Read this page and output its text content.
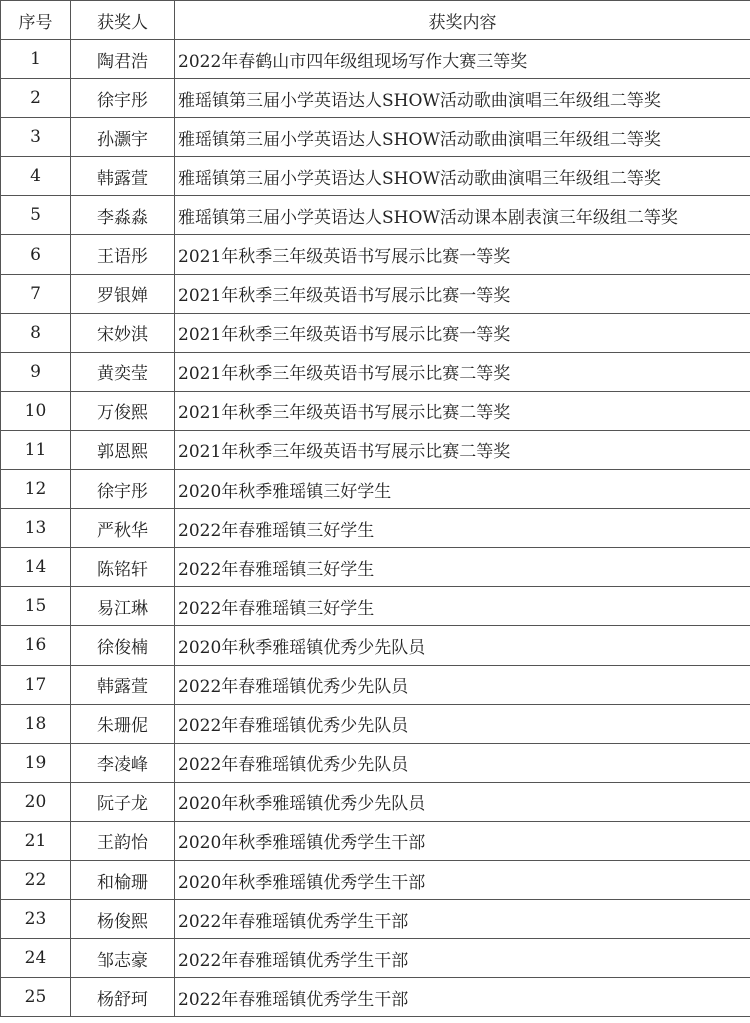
序号	获奖人	获奖内容
1	陶君浩	2022年春鹤山市四年级组现场写作大赛三等奖
2	徐宇彤	雅瑶镇第三届小学英语达人SHOW活动歌曲演唱三年级组二等奖
3	孙灏宇	雅瑶镇第三届小学英语达人SHOW活动歌曲演唱三年级组二等奖
4	韩露萱	雅瑶镇第三届小学英语达人SHOW活动歌曲演唱三年级组二等奖
5	李淼淼	雅瑶镇第三届小学英语达人SHOW活动课本剧表演三年级组二等奖
6	王语彤	2021年秋季三年级英语书写展示比赛一等奖
7	罗银婵	2021年秋季三年级英语书写展示比赛一等奖
8	宋妙淇	2021年秋季三年级英语书写展示比赛一等奖
9	黄奕莹	2021年秋季三年级英语书写展示比赛二等奖
10	万俊熙	2021年秋季三年级英语书写展示比赛二等奖
11	郭恩熙	2021年秋季三年级英语书写展示比赛二等奖
12	徐宇彤	2020年秋季雅瑶镇三好学生
13	严秋华	2022年春雅瑶镇三好学生
14	陈铭轩	2022年春雅瑶镇三好学生
15	易江琳	2022年春雅瑶镇三好学生
16	徐俊楠	2020年秋季雅瑶镇优秀少先队员
17	韩露萱	2022年春雅瑶镇优秀少先队员
18	朱珊伲	2022年春雅瑶镇优秀少先队员
19	李凌峰	2022年春雅瑶镇优秀少先队员
20	阮子龙	2020年秋季雅瑶镇优秀少先队员
21	王韵怡	2020年秋季雅瑶镇优秀学生干部
22	和榆珊	2020年秋季雅瑶镇优秀学生干部
23	杨俊熙	2022年春雅瑶镇优秀学生干部
24	邹志豪	2022年春雅瑶镇优秀学生干部
25	杨舒珂	2022年春雅瑶镇优秀学生干部
